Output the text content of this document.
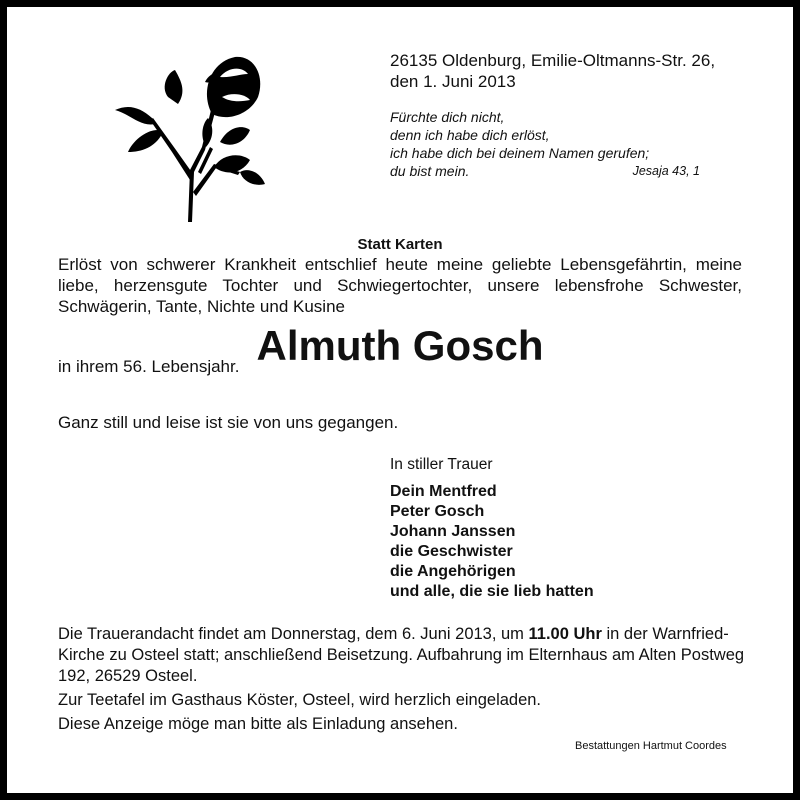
26135 Oldenburg, Emilie-Oltmanns-Str. 26,
den 1. Juni 2013
Fürchte dich nicht,
denn ich habe dich erlöst,
ich habe dich bei deinem Namen gerufen;
du bist mein.	Jesaja 43, 1
Statt Karten
Erlöst von schwerer Krankheit entschlief heute meine geliebte Lebensgefährtin, meine liebe, herzensgute Tochter und Schwiegertochter, unsere lebensfrohe Schwester, Schwägerin, Tante, Nichte und Kusine
Almuth Gosch
in ihrem 56. Lebensjahr.
Ganz still und leise ist sie von uns gegangen.
In stiller Trauer
Dein Mentfred
Peter Gosch
Johann Janssen
die Geschwister
die Angehörigen
und alle, die sie lieb hatten

Die Trauerandacht findet am Donnerstag, dem 6. Juni 2013, um 11.00 Uhr in der Warnfried-Kirche zu Osteel statt; anschließend Beisetzung. Aufbahrung im Elternhaus am Alten Postweg 192, 26529 Osteel.

Zur Teetafel im Gasthaus Köster, Osteel, wird herzlich eingeladen.

Diese Anzeige möge man bitte als Einladung ansehen.

Bestattungen Hartmut Coordes
